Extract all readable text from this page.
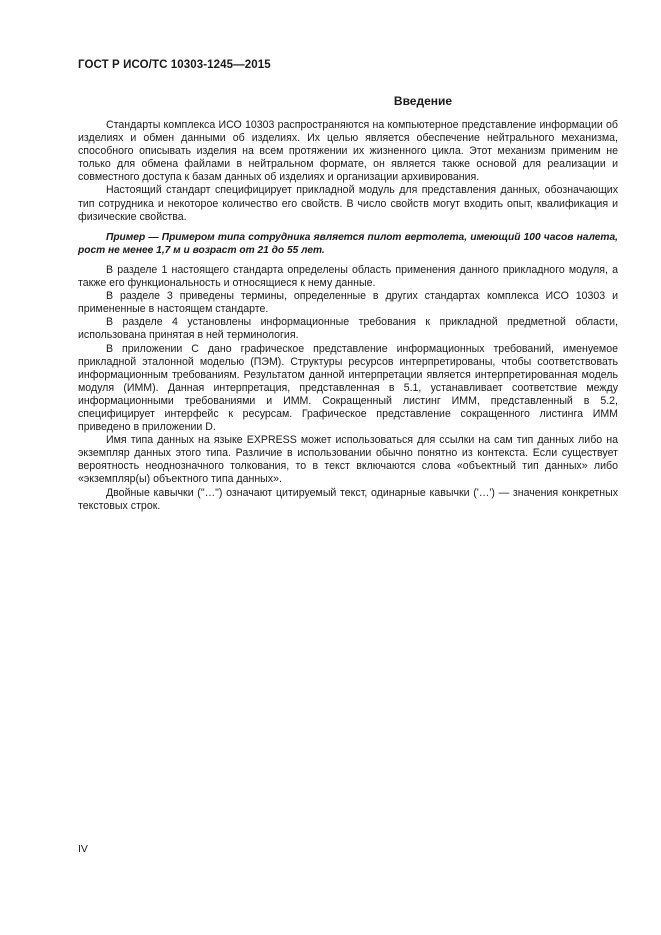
ГОСТ Р ИСО/ТС 10303-1245—2015
Введение

Стандарты комплекса ИСО 10303 распространяются на компьютерное представление информации об изделиях и обмен данными об изделиях. Их целью является обеспечение нейтрального механизма, способного описывать изделия на всем протяжении их жизненного цикла. Этот механизм применим не только для обмена файлами в нейтральном формате, он является также основой для реализации и совместного доступа к базам данных об изделиях и организации архивирования.

Настоящий стандарт специфицирует прикладной модуль для представления данных, обозначающих тип сотрудника и некоторое количество его свойств. В число свойств могут входить опыт, квалификация и физические свойства.

Пример — Примером типа сотрудника является пилот вертолета, имеющий 100 часов налета, рост не менее 1,7 м и возраст от 21 до 55 лет.

В разделе 1 настоящего стандарта определены область применения данного прикладного модуля, а также его функциональность и относящиеся к нему данные.

В разделе 3 приведены термины, определенные в других стандартах комплекса ИСО 10303 и примененные в настоящем стандарте.

В разделе 4 установлены информационные требования к прикладной предметной области, использована принятая в ней терминология.

В приложении С дано графическое представление информационных требований, именуемое прикладной эталонной моделью (ПЭМ). Структуры ресурсов интерпретированы, чтобы соответствовать информационным требованиям. Результатом данной интерпретации является интерпретированная модель модуля (ИММ). Данная интерпретация, представленная в 5.1, устанавливает соответствие между информационными требованиями и ИММ. Сокращенный листинг ИММ, представленный в 5.2, специфицирует интерфейс к ресурсам. Графическое представление сокращенного листинга ИММ приведено в приложении D.

Имя типа данных на языке EXPRESS может использоваться для ссылки на сам тип данных либо на экземпляр данных этого типа. Различие в использовании обычно понятно из контекста. Если существует вероятность неоднозначного толкования, то в текст включаются слова «объектный тип данных» либо «экземпляр(ы) объектного типа данных».

Двойные кавычки ("…") означают цитируемый текст, одинарные кавычки ('…') — значения конкретных текстовых строк.

IV
